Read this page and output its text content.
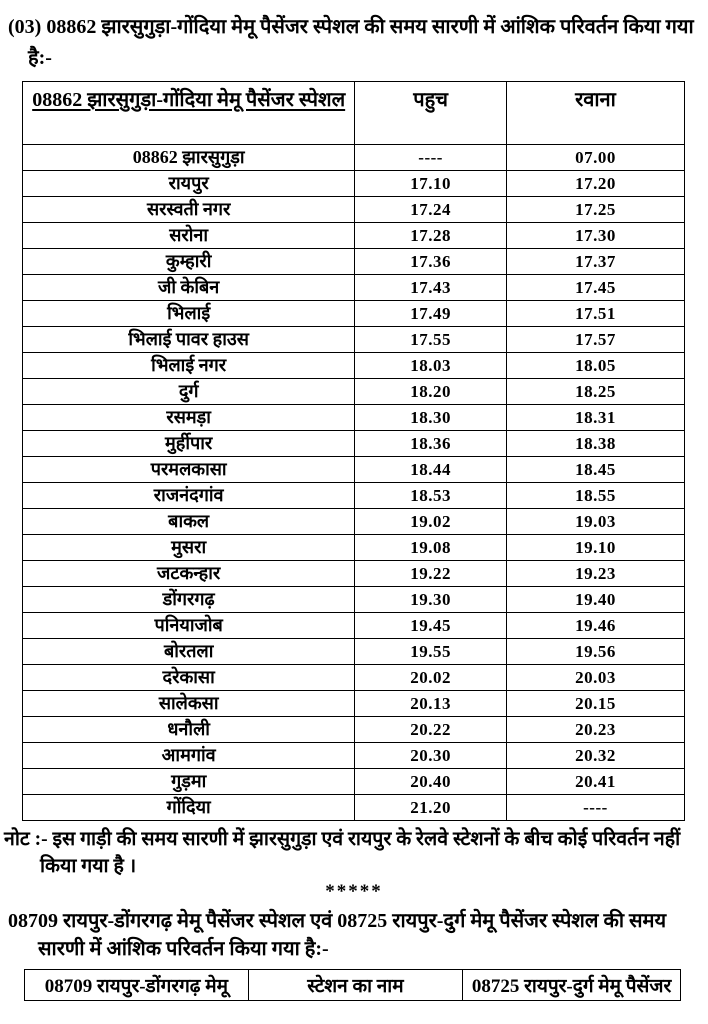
(03) 08862 झारसुगुड़ा-गोंदिया मेमू पैसेंजर स्पेशल की समय सारणी में आंशिक परिवर्तन किया गया है:-

08862 झारसुगुड़ा-गोंदिया मेमू पैसेंजर स्पेशल	पहुच	रवाना
08862 झारसुगुड़ा	----	07.00
रायपुर	17.10	17.20
सरस्वती नगर	17.24	17.25
सरोना	17.28	17.30
कुम्हारी	17.36	17.37
जी केबिन	17.43	17.45
भिलाई	17.49	17.51
भिलाई पावर हाउस	17.55	17.57
भिलाई नगर	18.03	18.05
दुर्ग	18.20	18.25
रसमड़ा	18.30	18.31
मुर्हीपार	18.36	18.38
परमलकासा	18.44	18.45
राजनंदगांव	18.53	18.55
बाकल	19.02	19.03
मुसरा	19.08	19.10
जटकन्हार	19.22	19.23
डोंगरगढ़	19.30	19.40
पनियाजोब	19.45	19.46
बोरतला	19.55	19.56
दरेकासा	20.02	20.03
सालेकसा	20.13	20.15
धनौली	20.22	20.23
आमगांव	20.30	20.32
गुड़मा	20.40	20.41
गोंदिया	21.20	----

नोट :- इस गाड़ी की समय सारणी में झारसुगुड़ा एवं रायपुर के रेलवे स्टेशनों के बीच कोई परिवर्तन नहीं किया गया है ।

*****

08709 रायपुर-डोंगरगढ़ मेमू पैसेंजर स्पेशल एवं 08725 रायपुर-दुर्ग मेमू पैसेंजर स्पेशल की समय सारणी में आंशिक परिवर्तन किया गया है:-

08709 रायपुर-डोंगरगढ़ मेमू	स्टेशन का नाम	08725 रायपुर-दुर्ग मेमू पैसेंजर
